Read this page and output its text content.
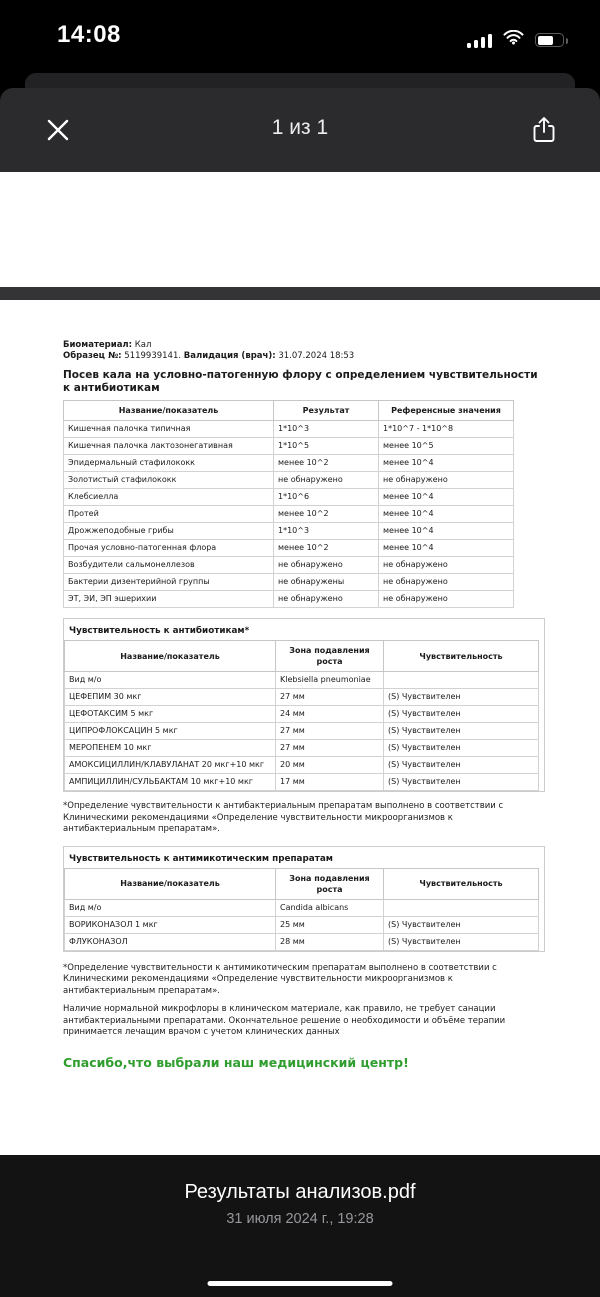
14:08
1 из 1
Биоматериал: Кал
Образец №: 5119939141. Валидация (врач): 31.07.2024 18:53
Посев кала на условно-патогенную флору с определением чувствительности к антибиотикам
Название/показатель	Результат	Референсные значения
Кишечная палочка типичная	1*10^3	1*10^7 - 1*10^8
Кишечная палочка лактозонегативная	1*10^5	менее 10^5
Эпидермальный стафилококк	менее 10^2	менее 10^4
Золотистый стафилококк	не обнаружено	не обнаружено
Клебсиелла	1*10^6	менее 10^4
Протей	менее 10^2	менее 10^4
Дрожжеподобные грибы	1*10^3	менее 10^4
Прочая условно-патогенная флора	менее 10^2	менее 10^4
Возбудители сальмонеллезов	не обнаружено	не обнаружено
Бактерии дизентерийной группы	не обнаружены	не обнаружено
ЭТ, ЭИ, ЭП эшерихии	не обнаружено	не обнаружено
Чувствительность к антибиотикам*
Название/показатель	Зона подавления роста	Чувствительность
Вид м/о	Klebsiella pneumoniae	
ЦЕФЕПИМ 30 мкг	27 мм	(S) Чувствителен
ЦЕФОТАКСИМ 5 мкг	24 мм	(S) Чувствителен
ЦИПРОФЛОКСАЦИН 5 мкг	27 мм	(S) Чувствителен
МЕРОПЕНЕМ 10 мкг	27 мм	(S) Чувствителен
АМОКСИЦИЛЛИН/КЛАВУЛАНАТ 20 мкг+10 мкг	20 мм	(S) Чувствителен
АМПИЦИЛЛИН/СУЛЬБАКТАМ 10 мкг+10 мкг	17 мм	(S) Чувствителен
*Определение чувствительности к антибактериальным препаратам выполнено в соответствии с Клиническими рекомендациями «Определение чувствительности микроорганизмов к антибактериальным препаратам».
Чувствительность к антимикотическим препаратам
Название/показатель	Зона подавления роста	Чувствительность
Вид м/о	Candida albicans	
ВОРИКОНАЗОЛ 1 мкг	25 мм	(S) Чувствителен
ФЛУКОНАЗОЛ	28 мм	(S) Чувствителен
*Определение чувствительности к антимикотическим препаратам выполнено в соответствии с Клиническими рекомендациями «Определение чувствительности микроорганизмов к антибактериальным препаратам».
Наличие нормальной микрофлоры в клиническом материале, как правило, не требует санации антибактериальными препаратами. Окончательное решение о необходимости и объёме терапии принимается лечащим врачом с учетом клинических данных
Спасибо,что выбрали наш медицинский центр!
Результаты анализов.pdf
31 июля 2024 г., 19:28
